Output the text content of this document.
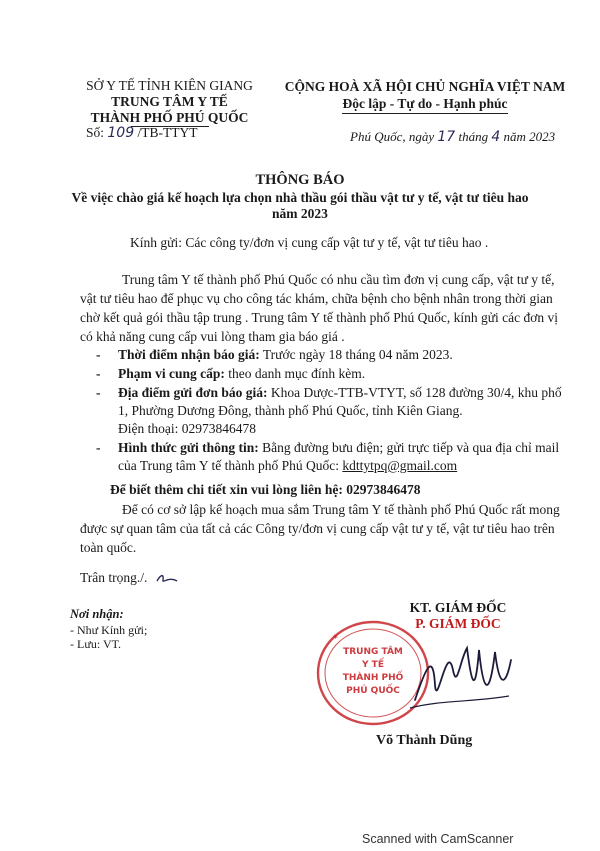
SỞ Y TẾ TỈNH KIÊN GIANG
TRUNG TÂM Y TẾ
THÀNH PHỐ PHÚ QUỐC
CỘNG HOÀ XÃ HỘI CHỦ NGHĨA VIỆT NAM
Độc lập - Tự do - Hạnh phúc
Số: 109 /TB-TTYT	Phú Quốc, ngày 17 tháng 4 năm 2023
THÔNG BÁO
Về việc chào giá kế hoạch lựa chọn nhà thầu gói thầu vật tư y tế, vật tư tiêu hao năm 2023
Kính gửi: Các công ty/đơn vị cung cấp vật tư y tế, vật tư tiêu hao .
Trung tâm Y tế thành phố Phú Quốc có nhu cầu tìm đơn vị cung cấp, vật tư y tế, vật tư tiêu hao để phục vụ cho công tác khám, chữa bệnh cho bệnh nhân trong thời gian chờ kết quả gói thầu tập trung . Trung tâm Y tế thành phố Phú Quốc, kính gửi các đơn vị có khả năng cung cấp vui lòng tham gia báo giá .
- Thời điểm nhận báo giá: Trước ngày 18 tháng 04 năm 2023.
- Phạm vi cung cấp: theo danh mục đính kèm.
- Địa điểm gửi đơn báo giá: Khoa Dược-TTB-VTYT, số 128 đường 30/4, khu phố 1, Phường Dương Đông, thành phố Phú Quốc, tỉnh Kiên Giang.
Điện thoại: 02973846478
- Hình thức gửi thông tin: Bằng đường bưu điện; gửi trực tiếp và qua địa chỉ mail của Trung tâm Y tế thành phố Phú Quốc: kdttytpq@gmail.com
Để biết thêm chi tiết xin vui lòng liên hệ: 02973846478
Để có cơ sở lập kế hoạch mua sắm Trung tâm Y tế thành phố Phú Quốc rất mong được sự quan tâm của tất cả các Công ty/đơn vị cung cấp vật tư y tế, vật tư tiêu hao trên toàn quốc.
Trân trọng./.
Nơi nhận:
- Như Kính gửi;
- Lưu: VT.
KT. GIÁM ĐỐC
P. GIÁM ĐỐC
TRUNG TÂM
Y TẾ
THÀNH PHỐ
PHÚ QUỐC
★
Võ Thành Dũng
Scanned with CamScanner
